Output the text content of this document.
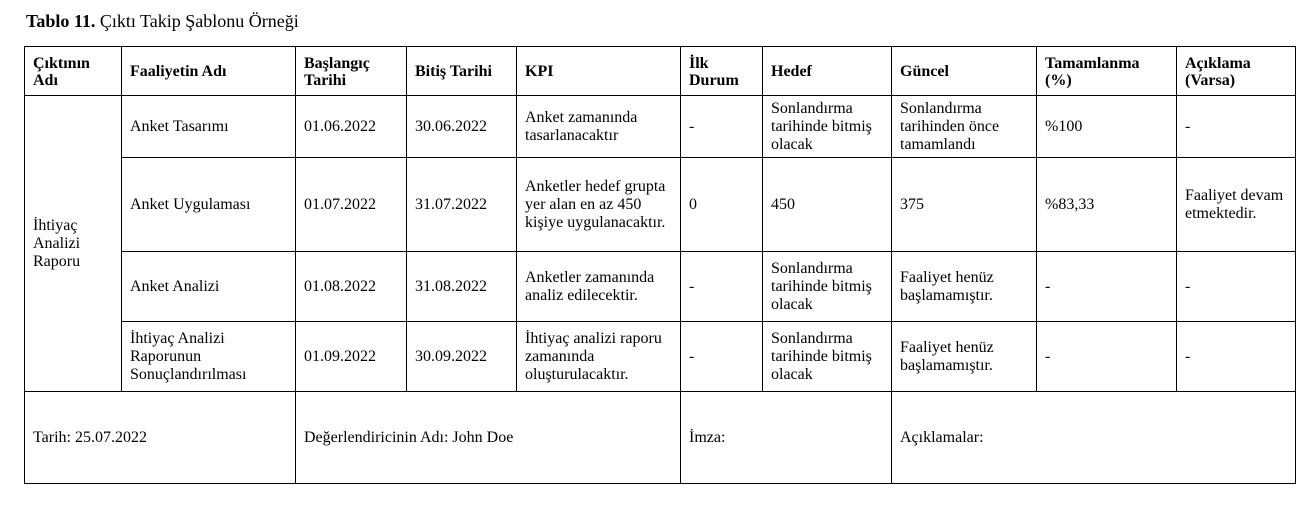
Tablo 11. Çıktı Takip Şablonu Örneği
Çıktının Adı	Faaliyetin Adı	Başlangıç Tarihi	Bitiş Tarihi	KPI	İlk Durum	Hedef	Güncel	Tamamlanma (%)	Açıklama (Varsa)
İhtiyaç Analizi Raporu	Anket Tasarımı	01.06.2022	30.06.2022	Anket zamanında tasarlanacaktır	-	Sonlandırma tarihinde bitmiş olacak	Sonlandırma tarihinden önce tamamlandı	%100	-
	Anket Uygulaması	01.07.2022	31.07.2022	Anketler hedef grupta yer alan en az 450 kişiye uygulanacaktır.	0	450	375	%83,33	Faaliyet devam etmektedir.
	Anket Analizi	01.08.2022	31.08.2022	Anketler zamanında analiz edilecektir.	-	Sonlandırma tarihinde bitmiş olacak	Faaliyet henüz başlamamıştır.	-	-
	İhtiyaç Analizi Raporunun Sonuçlandırılması	01.09.2022	30.09.2022	İhtiyaç analizi raporu zamanında oluşturulacaktır.	-	Sonlandırma tarihinde bitmiş olacak	Faaliyet henüz başlamamıştır.	-	-
Tarih: 25.07.2022		Değerlendiricinin Adı: John Doe			İmza:		Açıklamalar:		
